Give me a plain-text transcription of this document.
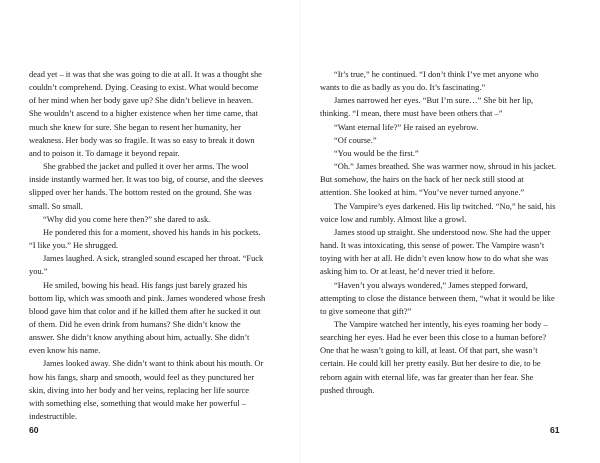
dead yet – it was that she was going to die at all. It was a thought she couldn’t comprehend. Dying. Ceasing to exist. What would become of her mind when her body gave up? She didn’t believe in heaven. She wouldn’t ascend to a higher existence when her time came, that much she knew for sure. She began to resent her humanity, her weakness. Her body was so fragile. It was so easy to break it down and to poison it. To damage it beyond repair.

She grabbed the jacket and pulled it over her arms. The wool inside instantly warmed her. It was too big, of course, and the sleeves slipped over her hands. The bottom rested on the ground. She was small. So small.

“Why did you come here then?” she dared to ask.

He pondered this for a moment, shoved his hands in his pockets. “I like you.” He shrugged.

James laughed. A sick, strangled sound escaped her throat. “Fuck you.”

He smiled, bowing his head. His fangs just barely grazed his bottom lip, which was smooth and pink. James wondered whose fresh blood gave him that color and if he killed them after he sucked it out of them. Did he even drink from humans? She didn’t know the answer. She didn’t know anything about him, actually. She didn’t even know his name.

James looked away. She didn’t want to think about his mouth. Or how his fangs, sharp and smooth, would feel as they punctured her skin, diving into her body and her veins, replacing her life source with something else, something that would make her powerful – indestructible.

60

“It’s true,” he continued. “I don’t think I’ve met anyone who wants to die as badly as you do. It’s fascinating.”

James narrowed her eyes. “But I’m sure…” She bit her lip, thinking. “I mean, there must have been others that –”

“Want eternal life?” He raised an eyebrow.

“Of course.”

“You would be the first.”

“Oh.” James breathed. She was warmer now, shroud in his jacket. But somehow, the hairs on the back of her neck still stood at attention. She looked at him. “You’ve never turned anyone.”

The Vampire’s eyes darkened. His lip twitched. “No,” he said, his voice low and rumbly. Almost like a growl.

James stood up straight. She understood now. She had the upper hand. It was intoxicating, this sense of power. The Vampire wasn’t toying with her at all. He didn’t even know how to do what she was asking him to. Or at least, he’d never tried it before.

“Haven’t you always wondered,” James stepped forward, attempting to close the distance between them, “what it would be like to give someone that gift?”

The Vampire watched her intently, his eyes roaming her body – searching her eyes. Had he ever been this close to a human before? One that he wasn’t going to kill, at least. Of that part, she wasn’t certain. He could kill her pretty easily. But her desire to die, to be reborn again with eternal life, was far greater than her fear. She pushed through.

61
